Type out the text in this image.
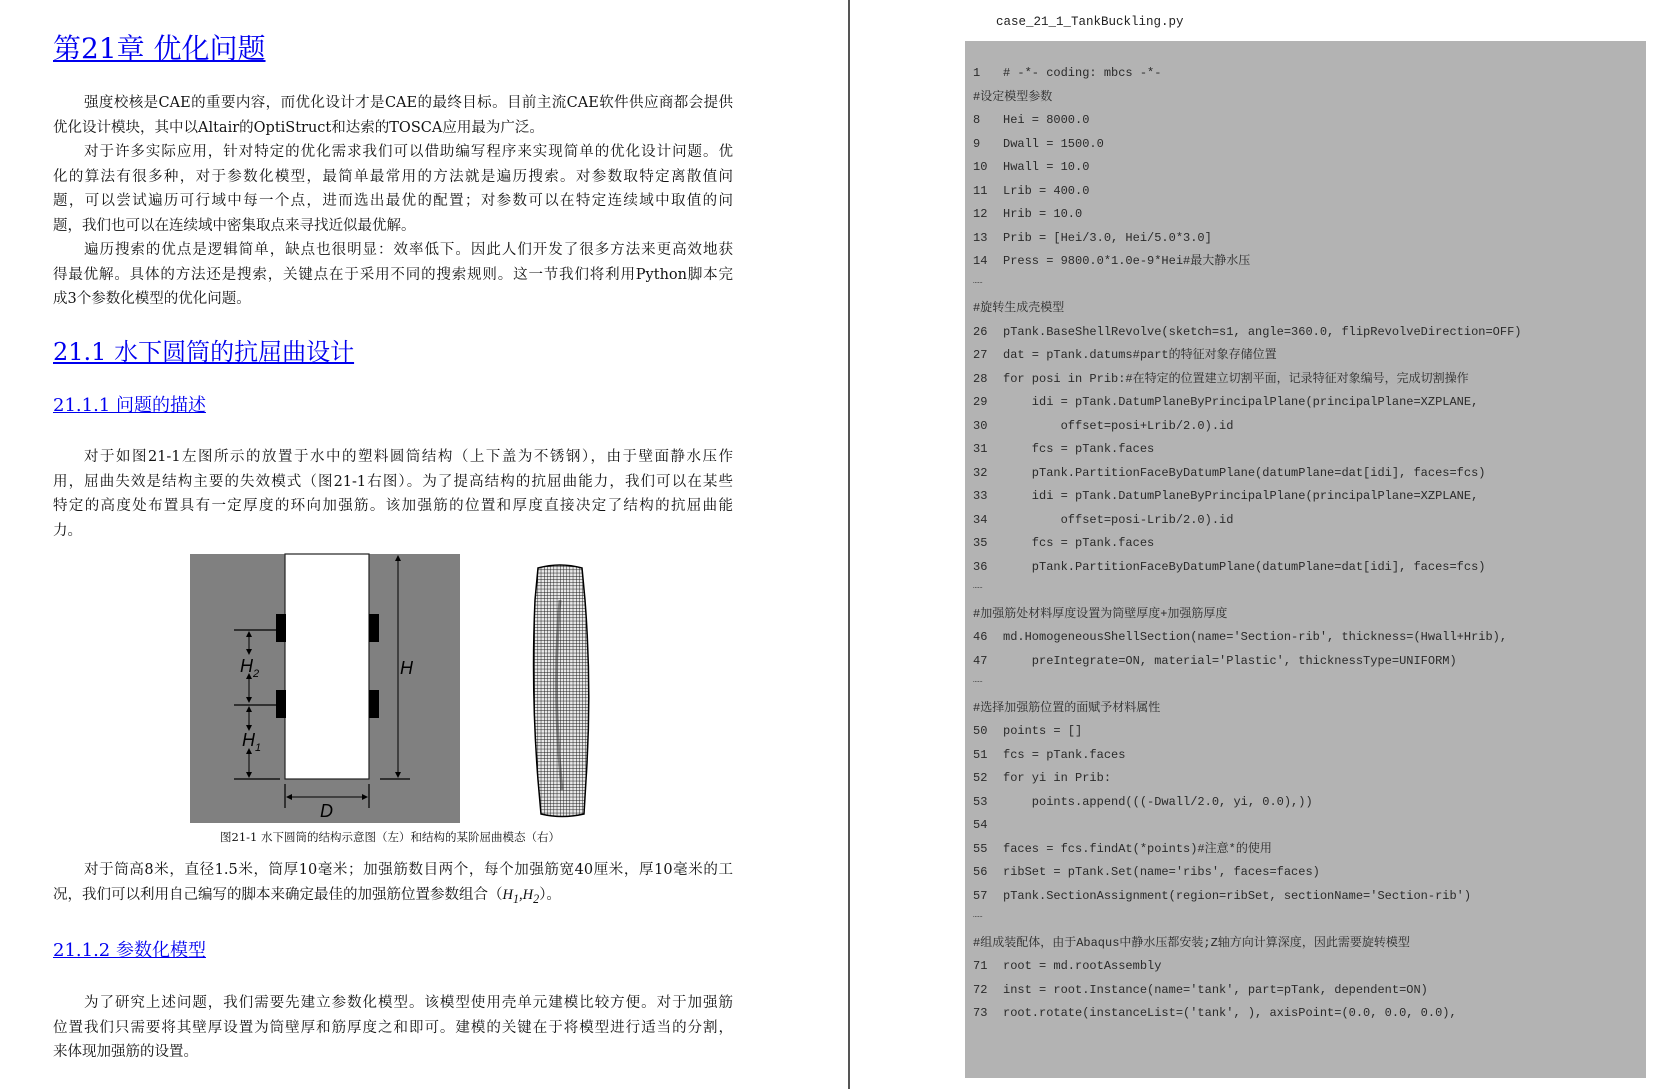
第21章 优化问题
强度校核是CAE的重要内容，而优化设计才是CAE的最终目标。目前主流CAE软件供应商都会提供
优化设计模块，其中以Altair的OptiStruct和达索的TOSCA应用最为广泛。
对于许多实际应用，针对特定的优化需求我们可以借助编写程序来实现简单的优化设计问题。优
化的算法有很多种，对于参数化模型，最简单最常用的方法就是遍历搜索。对参数取特定离散值问
题，可以尝试遍历可行域中每一个点，进而选出最优的配置；对参数可以在特定连续域中取值的问
题，我们也可以在连续域中密集取点来寻找近似最优解。
遍历搜索的优点是逻辑简单，缺点也很明显：效率低下。因此人们开发了很多方法来更高效地获
得最优解。具体的方法还是搜索，关键点在于采用不同的搜索规则。这一节我们将利用Python脚本完
成3个参数化模型的优化问题。
21.1 水下圆筒的抗屈曲设计
21.1.1 问题的描述
对于如图21-1左图所示的放置于水中的塑料圆筒结构（上下盖为不锈钢），由于壁面静水压作
用，屈曲失效是结构主要的失效模式（图21-1右图）。为了提高结构的抗屈曲能力，我们可以在某些
特定的高度处布置具有一定厚度的环向加强筋。该加强筋的位置和厚度直接决定了结构的抗屈曲能
力。
$H_2$
$H_1$
H
D
图21-1 水下圆筒的结构示意图（左）和结构的某阶屈曲模态（右）
对于筒高8米，直径1.5米，筒厚10毫米；加强筋数目两个，每个加强筋宽40厘米，厚10毫米的工
况，我们可以利用自己编写的脚本来确定最佳的加强筋位置参数组合$(H_1,H_2)$。
21.1.2 参数化模型
为了研究上述问题，我们需要先建立参数化模型。该模型使用壳单元建模比较方便。对于加强筋
位置我们只需要将其壁厚设置为筒壁厚和筋厚度之和即可。建模的关键在于将模型进行适当的分割，
来体现加强筋的设置。
case_21_1_TankBuckling.py
1 # -*- coding: mbcs -*-
#设定模型参数
8 Hei = 8000.0
9 Dwall = 1500.0
10 Hwall = 10.0
11 Lrib = 400.0
12 Hrib = 10.0
13 Prib = [Hei/3.0, Hei/5.0*3.0]
14 Press = 9800.0*1.0e-9*Hei#最大静水压
……
#旋转生成壳模型
26 pTank.BaseShellRevolve(sketch=s1, angle=360.0, flipRevolveDirection=OFF)
27 dat = pTank.datums#part的特征对象存储位置
28 for posi in Prib:#在特定的位置建立切割平面，记录特征对象编号，完成切割操作
29 idi = pTank.DatumPlaneByPrincipalPlane(principalPlane=XZPLANE,
30 offset=posi+Lrib/2.0).id
31 fcs = pTank.faces
32 pTank.PartitionFaceByDatumPlane(datumPlane=dat[idi], faces=fcs)
33 idi = pTank.DatumPlaneByPrincipalPlane(principalPlane=XZPLANE,
34 offset=posi-Lrib/2.0).id
35 fcs = pTank.faces
36 pTank.PartitionFaceByDatumPlane(datumPlane=dat[idi], faces=fcs)
……
#加强筋处材料厚度设置为筒壁厚度+加强筋厚度
46 md.HomogeneousShellSection(name='Section-rib', thickness=(Hwall+Hrib),
47 preIntegrate=ON, material='Plastic', thicknessType=UNIFORM)
……
#选择加强筋位置的面赋予材料属性
50 points = []
51 fcs = pTank.faces
52 for yi in Prib:
53 points.append(((-Dwall/2.0, yi, 0.0),))
54
55 faces = fcs.findAt(*points)#注意*的使用
56 ribSet = pTank.Set(name='ribs', faces=faces)
57 pTank.SectionAssignment(region=ribSet, sectionName='Section-rib')
……
#组成装配体，由于Abaqus中静水压都安装;Z轴方向计算深度，因此需要旋转模型
71 root = md.rootAssembly
72 inst = root.Instance(name='tank', part=pTank, dependent=ON)
73 root.rotate(instanceList=('tank', ), axisPoint=(0.0, 0.0, 0.0),
